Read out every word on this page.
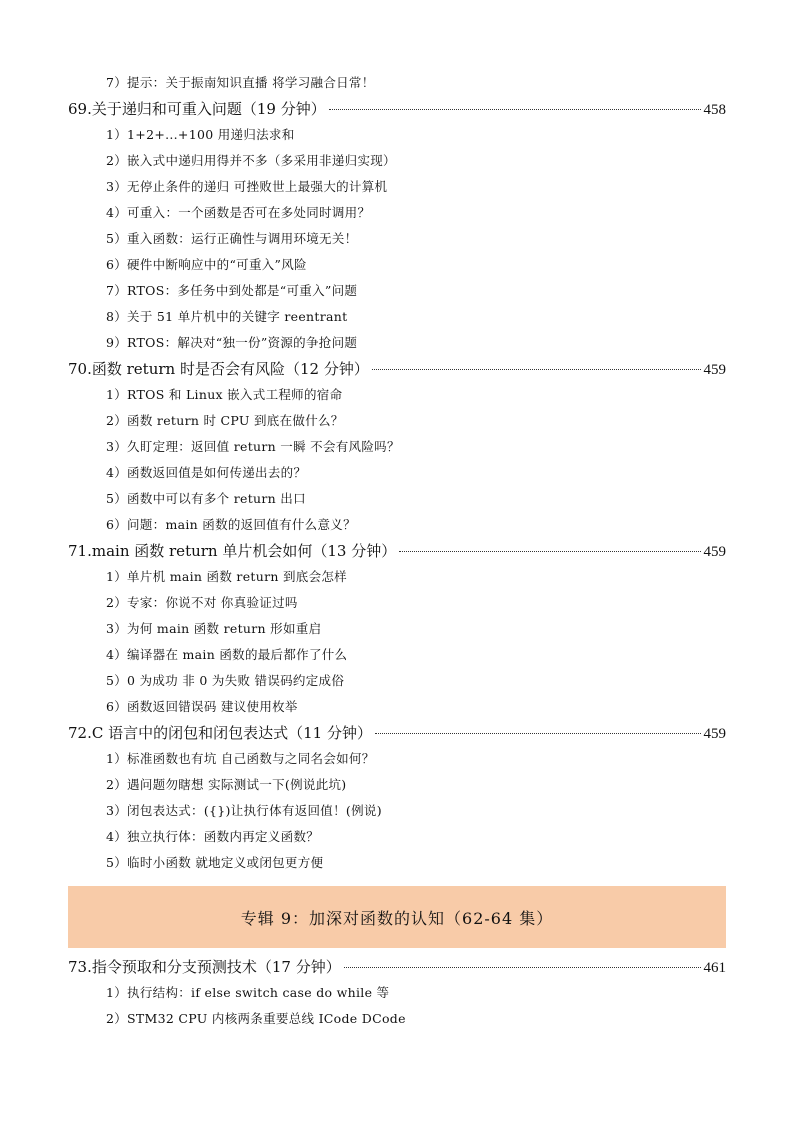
7）提示：关于振南知识直播 将学习融合日常！
69.关于递归和可重入问题（19 分钟）	458
1）1+2+...+100 用递归法求和
2）嵌入式中递归用得并不多（多采用非递归实现）
3）无停止条件的递归 可挫败世上最强大的计算机
4）可重入：一个函数是否可在多处同时调用？
5）重入函数：运行正确性与调用环境无关！
6）硬件中断响应中的“可重入”风险
7）RTOS：多任务中到处都是“可重入”问题
8）关于 51 单片机中的关键字 reentrant
9）RTOS：解决对“独一份”资源的争抢问题
70.函数 return 时是否会有风险（12 分钟）	459
1）RTOS 和 Linux 嵌入式工程师的宿命
2）函数 return 时 CPU 到底在做什么？
3）久盯定理：返回值 return 一瞬 不会有风险吗？
4）函数返回值是如何传递出去的？
5）函数中可以有多个 return 出口
6）问题：main 函数的返回值有什么意义？
71.main 函数 return 单片机会如何（13 分钟）	459
1）单片机 main 函数 return 到底会怎样
2）专家：你说不对 你真验证过吗
3）为何 main 函数 return 形如重启
4）编译器在 main 函数的最后都作了什么
5）0 为成功 非 0 为失败 错误码约定成俗
6）函数返回错误码 建议使用枚举
72.C 语言中的闭包和闭包表达式（11 分钟）	459
1）标准函数也有坑 自己函数与之同名会如何？
2）遇问题勿瞎想 实际测试一下(例说此坑)
3）闭包表达式：({})让执行体有返回值！(例说)
4）独立执行体：函数内再定义函数？
5）临时小函数 就地定义或闭包更方便
专辑 9：加深对函数的认知（62-64 集）
73.指令预取和分支预测技术（17 分钟）	461
1）执行结构：if else switch case do while 等
2）STM32 CPU 内核两条重要总线 ICode DCode
